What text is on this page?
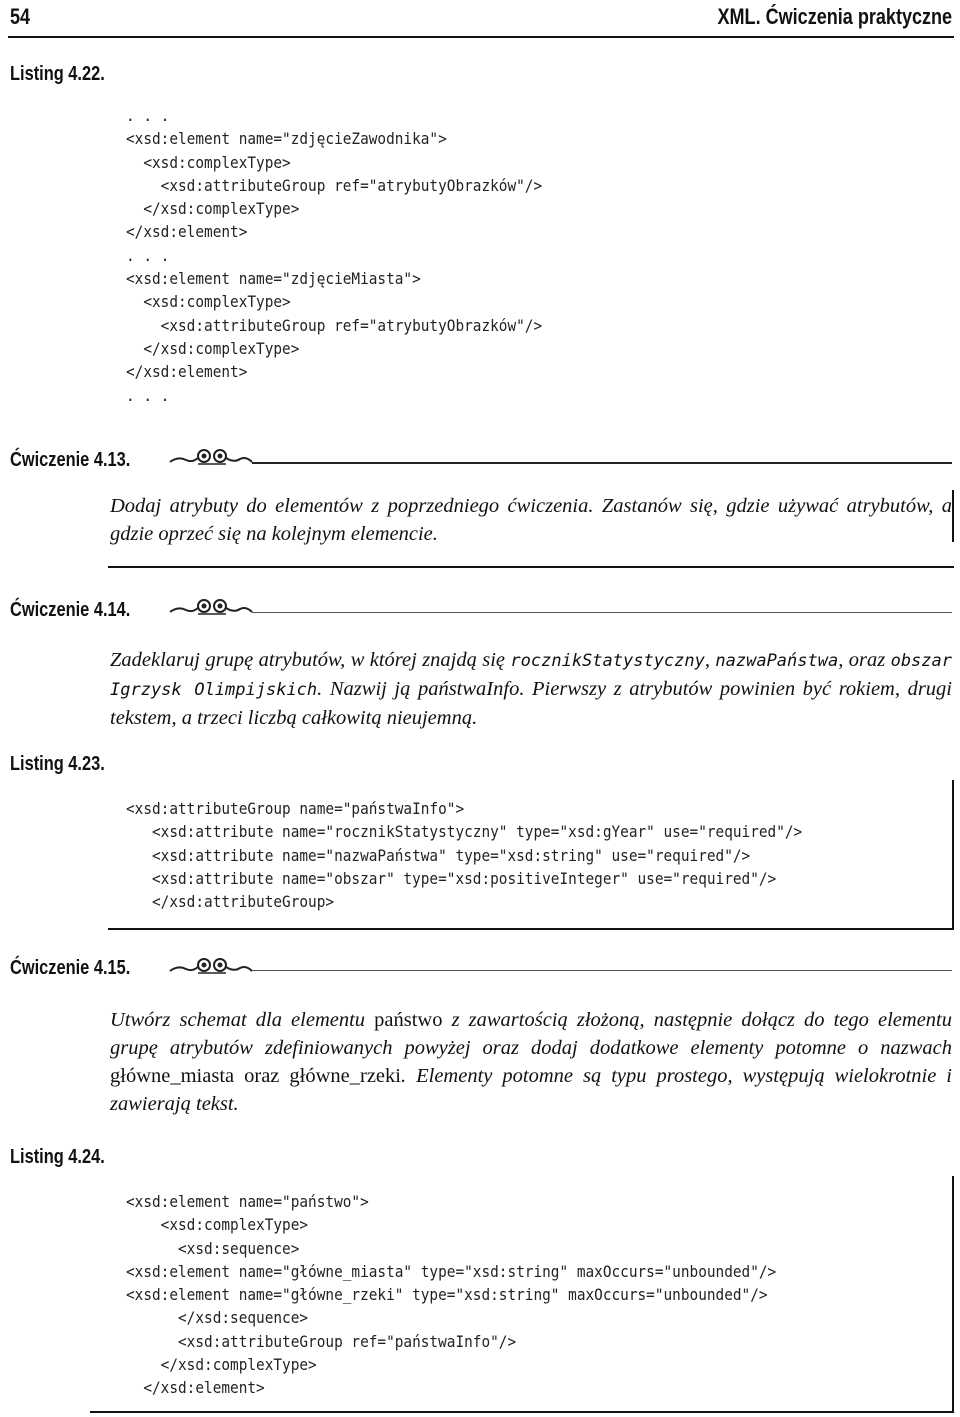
54	XML. Ćwiczenia praktyczne
Listing 4.22.
. . .
<xsd:element name="zdjęcieZawodnika">
<xsd:complexType>
<xsd:attributeGroup ref="atrybutyObrazków"/>
</xsd:complexType>
</xsd:element>
. . .
<xsd:element name="zdjęcieMiasta">
<xsd:complexType>
<xsd:attributeGroup ref="atrybutyObrazków"/>
</xsd:complexType>
</xsd:element>
. . .
Ćwiczenie 4.13.

Dodaj atrybuty do elementów z poprzedniego ćwiczenia. Zastanów się, gdzie używać atrybutów, a gdzie oprzeć się na kolejnym elemencie.

Ćwiczenie 4.14.

Zadeklaruj grupę atrybutów, w której znajdą się rocznikStatystyczny, nazwaPaństwa, oraz obszar Igrzysk Olimpijskich. Nazwij ją państwaInfo. Pierwszy z atrybutów powinien być rokiem, drugi tekstem, a trzeci liczbą całkowitą nieujemną.

Listing 4.23.
<xsd:attributeGroup name="państwaInfo">
<xsd:attribute name="rocznikStatystyczny" type="xsd:gYear" use="required"/>
<xsd:attribute name="nazwaPaństwa" type="xsd:string" use="required"/>
<xsd:attribute name="obszar" type="xsd:positiveInteger" use="required"/>
</xsd:attributeGroup>
Ćwiczenie 4.15.

Utwórz schemat dla elementu państwo z zawartością złożoną, następnie dołącz do tego elementu grupę atrybutów zdefiniowanych powyżej oraz dodaj dodatkowe elementy potomne o nazwach główne_miasta oraz główne_rzeki. Elementy potomne są typu prostego, występują wielokrotnie i zawierają tekst.

Listing 4.24.
<xsd:element name="państwo">
<xsd:complexType>
<xsd:sequence>
<xsd:element name="główne_miasta" type="xsd:string" maxOccurs="unbounded"/>
<xsd:element name="główne_rzeki" type="xsd:string" maxOccurs="unbounded"/>
</xsd:sequence>
<xsd:attributeGroup ref="państwaInfo"/>
</xsd:complexType>
</xsd:element>
